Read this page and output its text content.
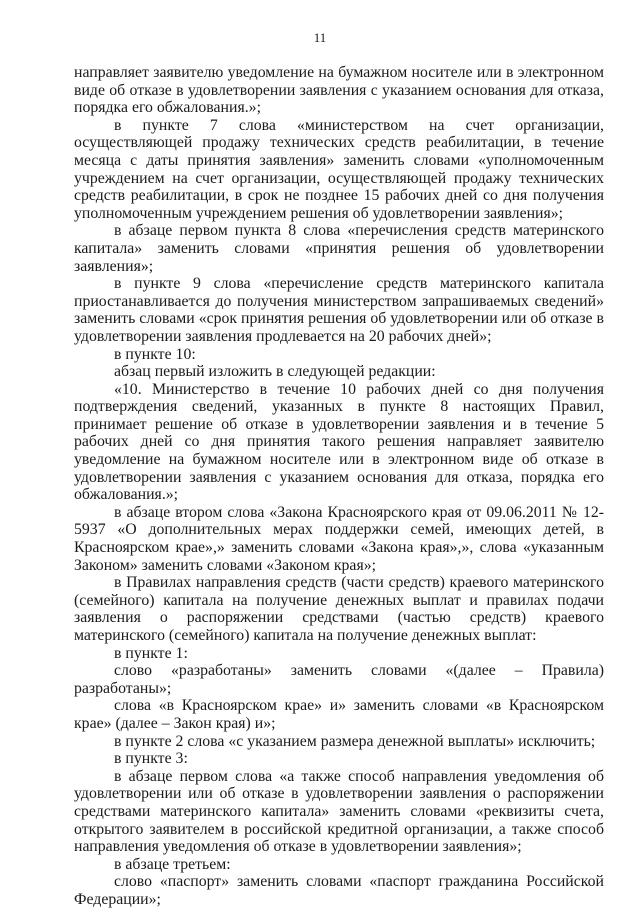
11

направляет заявителю уведомление на бумажном носителе или в электронном виде об отказе в удовлетворении заявления с указанием основания для отказа, порядка его обжалования.»;

в пункте 7 слова «министерством на счет организации, осуществляющей продажу технических средств реабилитации, в течение месяца с даты принятия заявления» заменить словами «уполномоченным учреждением на счет организации, осуществляющей продажу технических средств реабилитации, в срок не позднее 15 рабочих дней со дня получения уполномоченным учреждением решения об удовлетворении заявления»;

в абзаце первом пункта 8 слова «перечисления средств материнского капитала» заменить словами «принятия решения об удовлетворении заявления»;

в пункте 9 слова «перечисление средств материнского капитала приостанавливается до получения министерством запрашиваемых сведений» заменить словами «срок принятия решения об удовлетворении или об отказе в удовлетворении заявления продлевается на 20 рабочих дней»;

в пункте 10:

абзац первый изложить в следующей редакции:

«10. Министерство в течение 10 рабочих дней со дня получения подтверждения сведений, указанных в пункте 8 настоящих Правил, принимает решение об отказе в удовлетворении заявления и в течение 5 рабочих дней со дня принятия такого решения направляет заявителю уведомление на бумажном носителе или в электронном виде об отказе в удовлетворении заявления с указанием основания для отказа, порядка его обжалования.»;

в абзаце втором слова «Закона Красноярского края от 09.06.2011 № 12-5937 «О дополнительных мерах поддержки семей, имеющих детей, в Красноярском крае»,» заменить словами «Закона края»,», слова «указанным Законом» заменить словами «Законом края»;

в Правилах направления средств (части средств) краевого материнского (семейного) капитала на получение денежных выплат и правилах подачи заявления о распоряжении средствами (частью средств) краевого материнского (семейного) капитала на получение денежных выплат:

в пункте 1:

слово «разработаны» заменить словами «(далее – Правила) разработаны»;

слова «в Красноярском крае» и» заменить словами «в Красноярском крае» (далее – Закон края) и»;

в пункте 2 слова «с указанием размера денежной выплаты» исключить;

в пункте 3:

в абзаце первом слова «а также способ направления уведомления об удовлетворении или об отказе в удовлетворении заявления о распоряжении средствами материнского капитала» заменить словами «реквизиты счета, открытого заявителем в российской кредитной организации, а также способ направления уведомления об отказе в удовлетворении заявления»;

в абзаце третьем:

слово «паспорт» заменить словами «паспорт гражданина Российской Федерации»;
